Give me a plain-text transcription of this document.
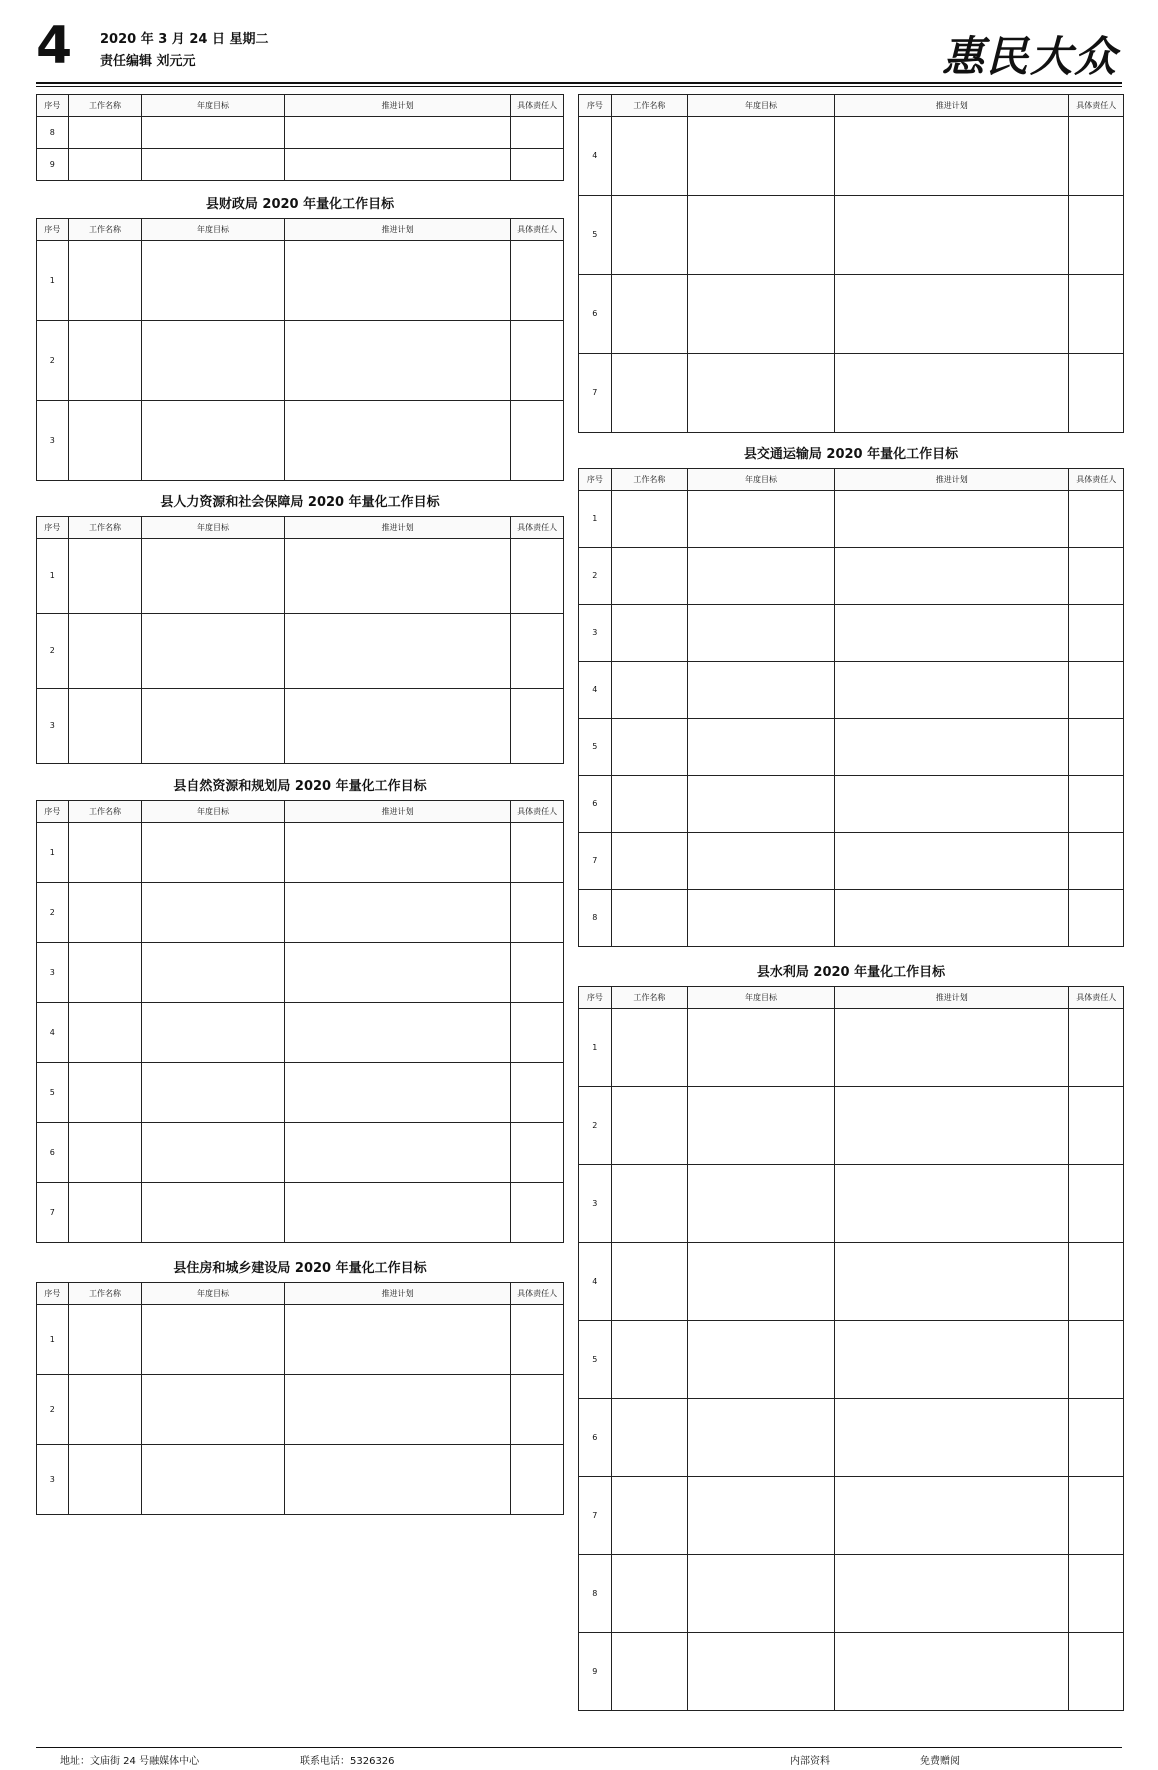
4 2020 年 3 月 24 日 星期二
责任编辑 刘元元	惠民大众
序号	工作名称	年度目标	推进计划	具体责任人
8				
9				
县财政局 2020 年量化工作目标
序号	工作名称	年度目标	推进计划	具体责任人
1				
2				
3				
县人力资源和社会保障局 2020 年量化工作目标
序号	工作名称	年度目标	推进计划	具体责任人
1				
2				
3				
县自然资源和规划局 2020 年量化工作目标
序号	工作名称	年度目标	推进计划	具体责任人
1				
2				
3				
4				
5				
6				
7				
县住房和城乡建设局 2020 年量化工作目标
序号	工作名称	年度目标	推进计划	具体责任人
1				
2				
3				
序号	工作名称	年度目标	推进计划	具体责任人
4				
5				
6				
7				
县交通运输局 2020 年量化工作目标
序号	工作名称	年度目标	推进计划	具体责任人
1				
2				
3				
4				
5				
6				
7				
8				
县水利局 2020 年量化工作目标
序号	工作名称	年度目标	推进计划	具体责任人
1				
2				
3				
4				
5				
6				
7				
8				
9				
地址：文庙街 24 号融媒体中心	联系电话：5326326	内部资料	免费赠阅
